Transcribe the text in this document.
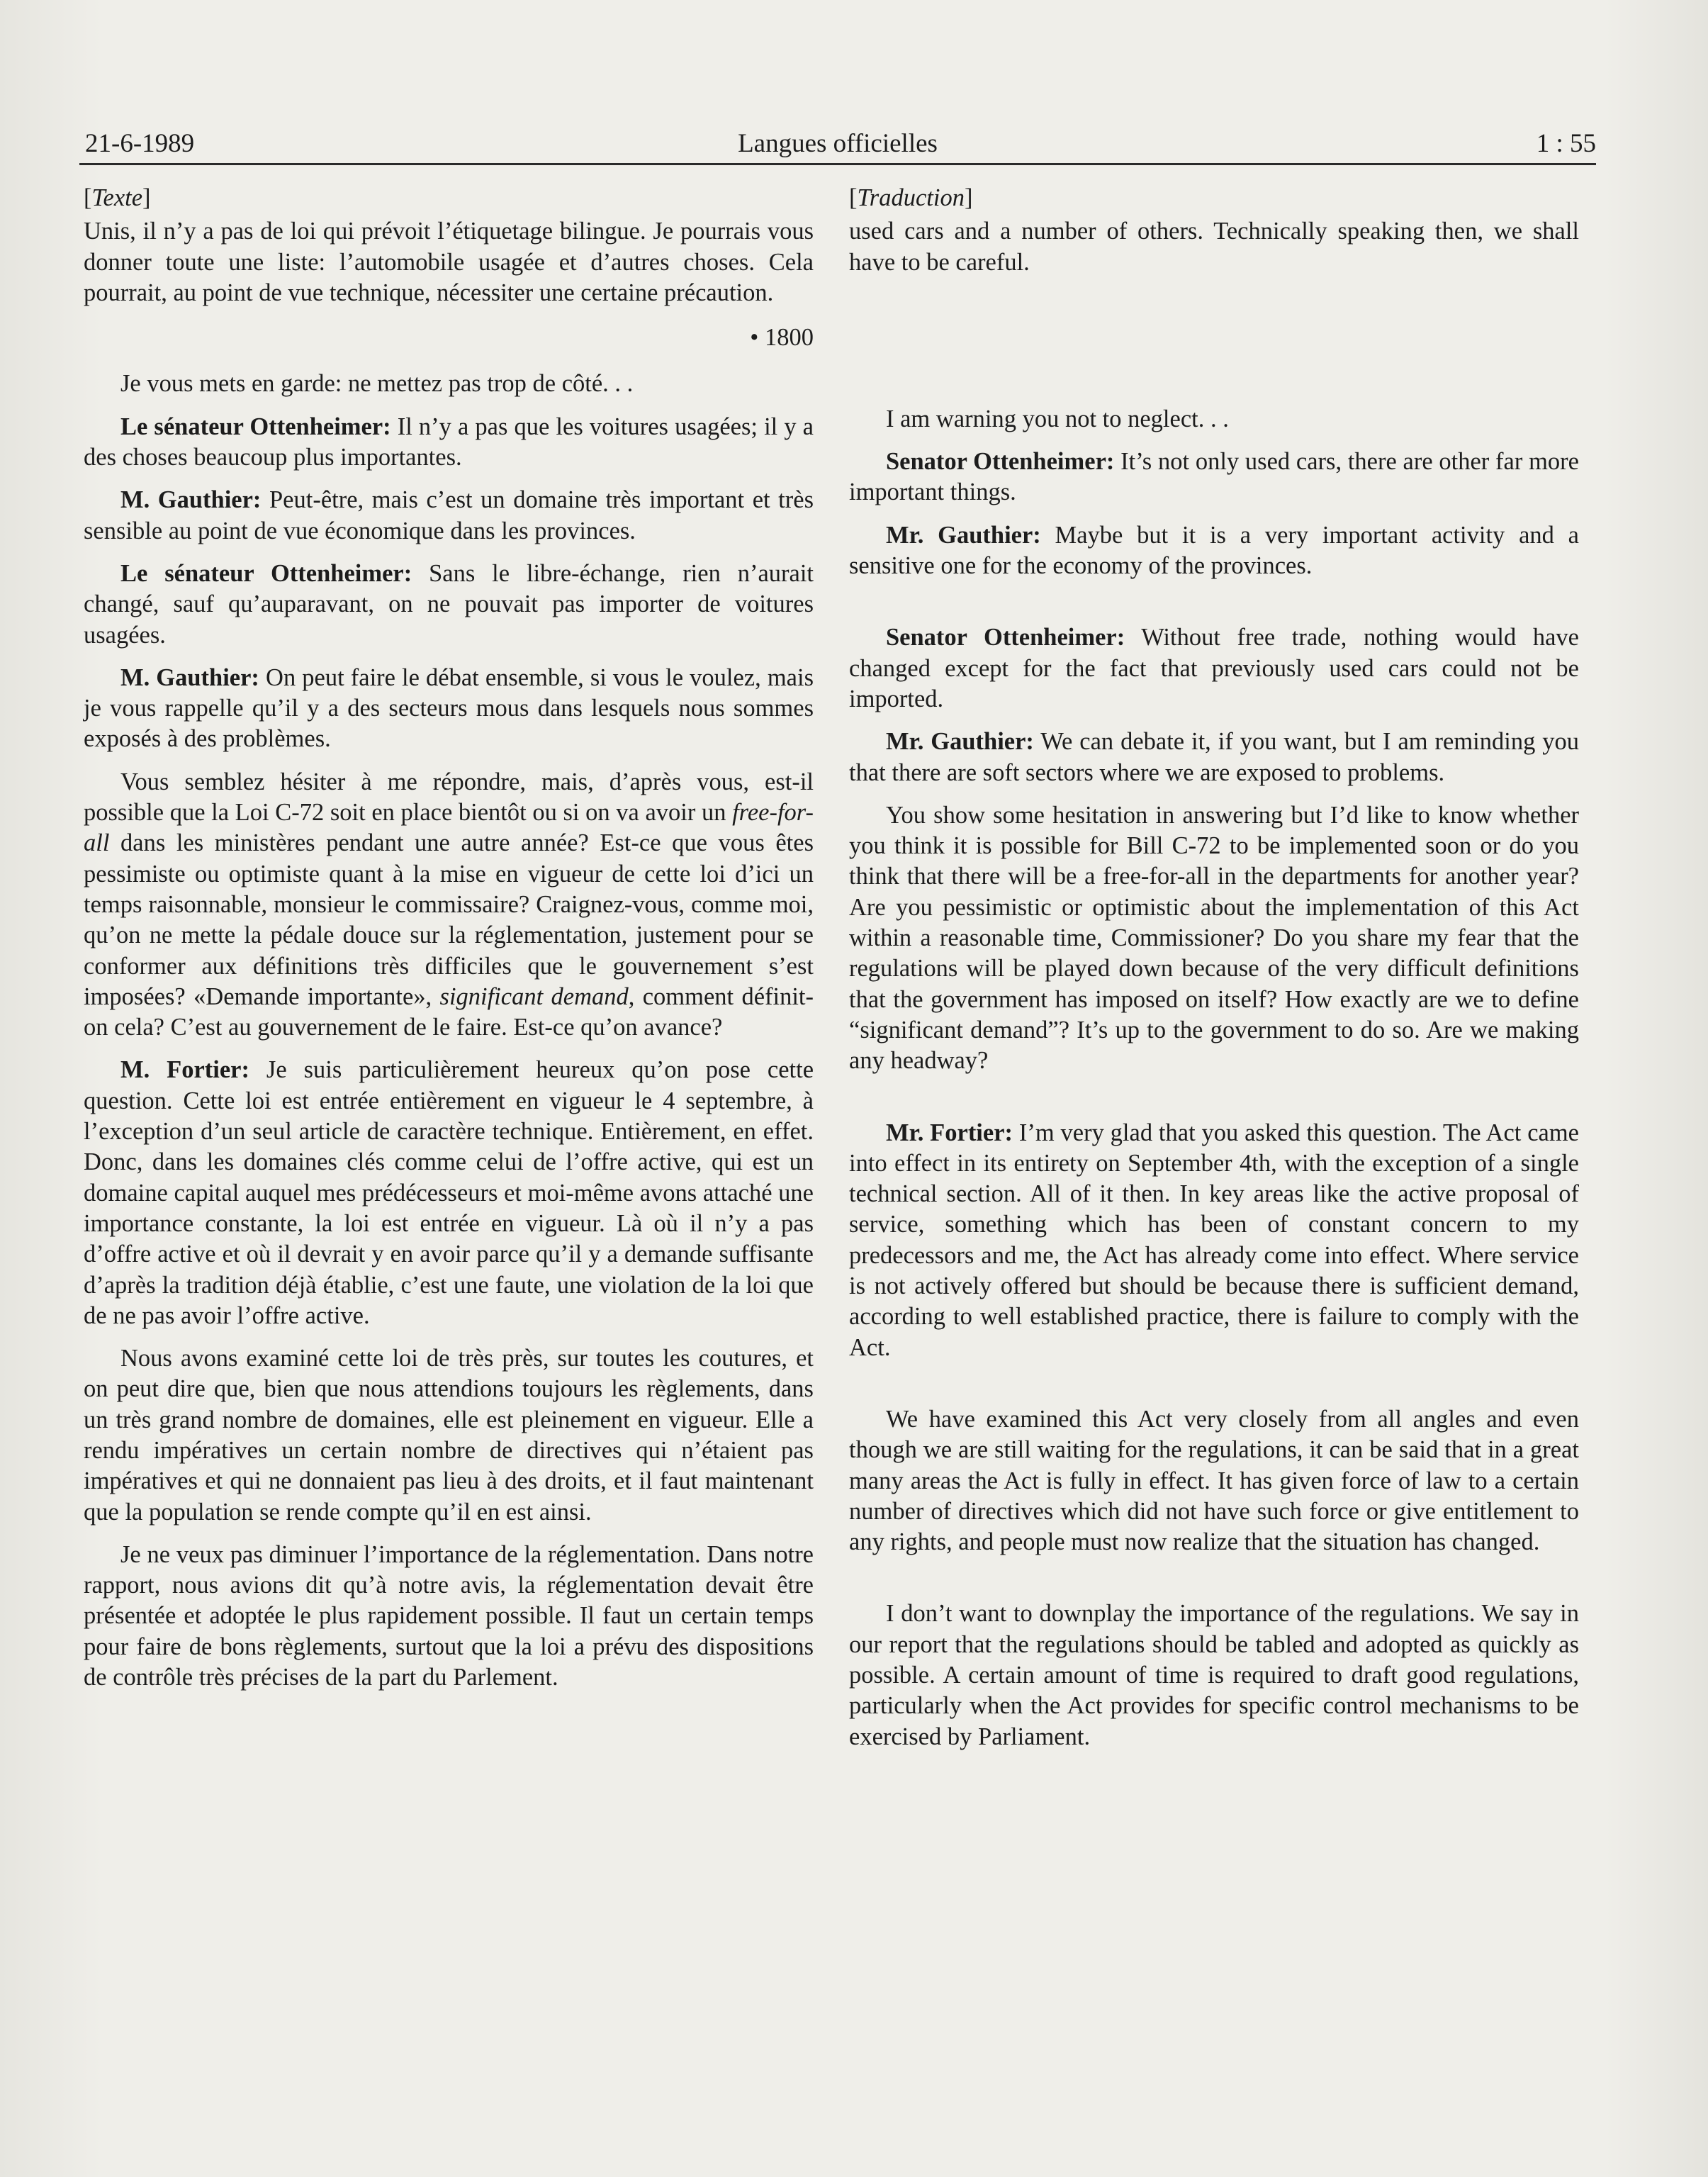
21-6-1989	Langues officielles	1 : 55

[Texte]

Unis, il n’y a pas de loi qui prévoit l’étiquetage bilingue. Je pourrais vous donner toute une liste: l’automobile usagée et d’autres choses. Cela pourrait, au point de vue technique, nécessiter une certaine précaution.

• 1800

Je vous mets en garde: ne mettez pas trop de côté. . .

Le sénateur Ottenheimer: Il n’y a pas que les voitures usagées; il y a des choses beaucoup plus importantes.

M. Gauthier: Peut-être, mais c’est un domaine très important et très sensible au point de vue économique dans les provinces.

Le sénateur Ottenheimer: Sans le libre-échange, rien n’aurait changé, sauf qu’auparavant, on ne pouvait pas importer de voitures usagées.

M. Gauthier: On peut faire le débat ensemble, si vous le voulez, mais je vous rappelle qu’il y a des secteurs mous dans lesquels nous sommes exposés à des problèmes.

Vous semblez hésiter à me répondre, mais, d’après vous, est-il possible que la Loi C-72 soit en place bientôt ou si on va avoir un free-for-all dans les ministères pendant une autre année? Est-ce que vous êtes pessimiste ou optimiste quant à la mise en vigueur de cette loi d’ici un temps raisonnable, monsieur le commissaire? Craignez-vous, comme moi, qu’on ne mette la pédale douce sur la réglementation, justement pour se conformer aux définitions très difficiles que le gouvernement s’est imposées? «Demande importante», significant demand, comment définit-on cela? C’est au gouvernement de le faire. Est-ce qu’on avance?

M. Fortier: Je suis particulièrement heureux qu’on pose cette question. Cette loi est entrée entièrement en vigueur le 4 septembre, à l’exception d’un seul article de caractère technique. Entièrement, en effet. Donc, dans les domaines clés comme celui de l’offre active, qui est un domaine capital auquel mes prédécesseurs et moi-même avons attaché une importance constante, la loi est entrée en vigueur. Là où il n’y a pas d’offre active et où il devrait y en avoir parce qu’il y a demande suffisante d’après la tradition déjà établie, c’est une faute, une violation de la loi que de ne pas avoir l’offre active.

Nous avons examiné cette loi de très près, sur toutes les coutures, et on peut dire que, bien que nous attendions toujours les règlements, dans un très grand nombre de domaines, elle est pleinement en vigueur. Elle a rendu impératives un certain nombre de directives qui n’étaient pas impératives et qui ne donnaient pas lieu à des droits, et il faut maintenant que la population se rende compte qu’il en est ainsi.

Je ne veux pas diminuer l’importance de la réglementation. Dans notre rapport, nous avions dit qu’à notre avis, la réglementation devait être présentée et adoptée le plus rapidement possible. Il faut un certain temps pour faire de bons règlements, surtout que la loi a prévu des dispositions de contrôle très précises de la part du Parlement.

[Traduction]

used cars and a number of others. Technically speaking then, we shall have to be careful.

I am warning you not to neglect. . .

Senator Ottenheimer: It’s not only used cars, there are other far more important things.

Mr. Gauthier: Maybe but it is a very important activity and a sensitive one for the economy of the provinces.

Senator Ottenheimer: Without free trade, nothing would have changed except for the fact that previously used cars could not be imported.

Mr. Gauthier: We can debate it, if you want, but I am reminding you that there are soft sectors where we are exposed to problems.

You show some hesitation in answering but I’d like to know whether you think it is possible for Bill C-72 to be implemented soon or do you think that there will be a free-for-all in the departments for another year? Are you pessimistic or optimistic about the implementation of this Act within a reasonable time, Commissioner? Do you share my fear that the regulations will be played down because of the very difficult definitions that the government has imposed on itself? How exactly are we to define “significant demand”? It’s up to the government to do so. Are we making any headway?

Mr. Fortier: I’m very glad that you asked this question. The Act came into effect in its entirety on September 4th, with the exception of a single technical section. All of it then. In key areas like the active proposal of service, something which has been of constant concern to my predecessors and me, the Act has already come into effect. Where service is not actively offered but should be because there is sufficient demand, according to well established practice, there is failure to comply with the Act.

We have examined this Act very closely from all angles and even though we are still waiting for the regulations, it can be said that in a great many areas the Act is fully in effect. It has given force of law to a certain number of directives which did not have such force or give entitlement to any rights, and people must now realize that the situation has changed.

I don’t want to downplay the importance of the regulations. We say in our report that the regulations should be tabled and adopted as quickly as possible. A certain amount of time is required to draft good regulations, particularly when the Act provides for specific control mechanisms to be exercised by Parliament.
